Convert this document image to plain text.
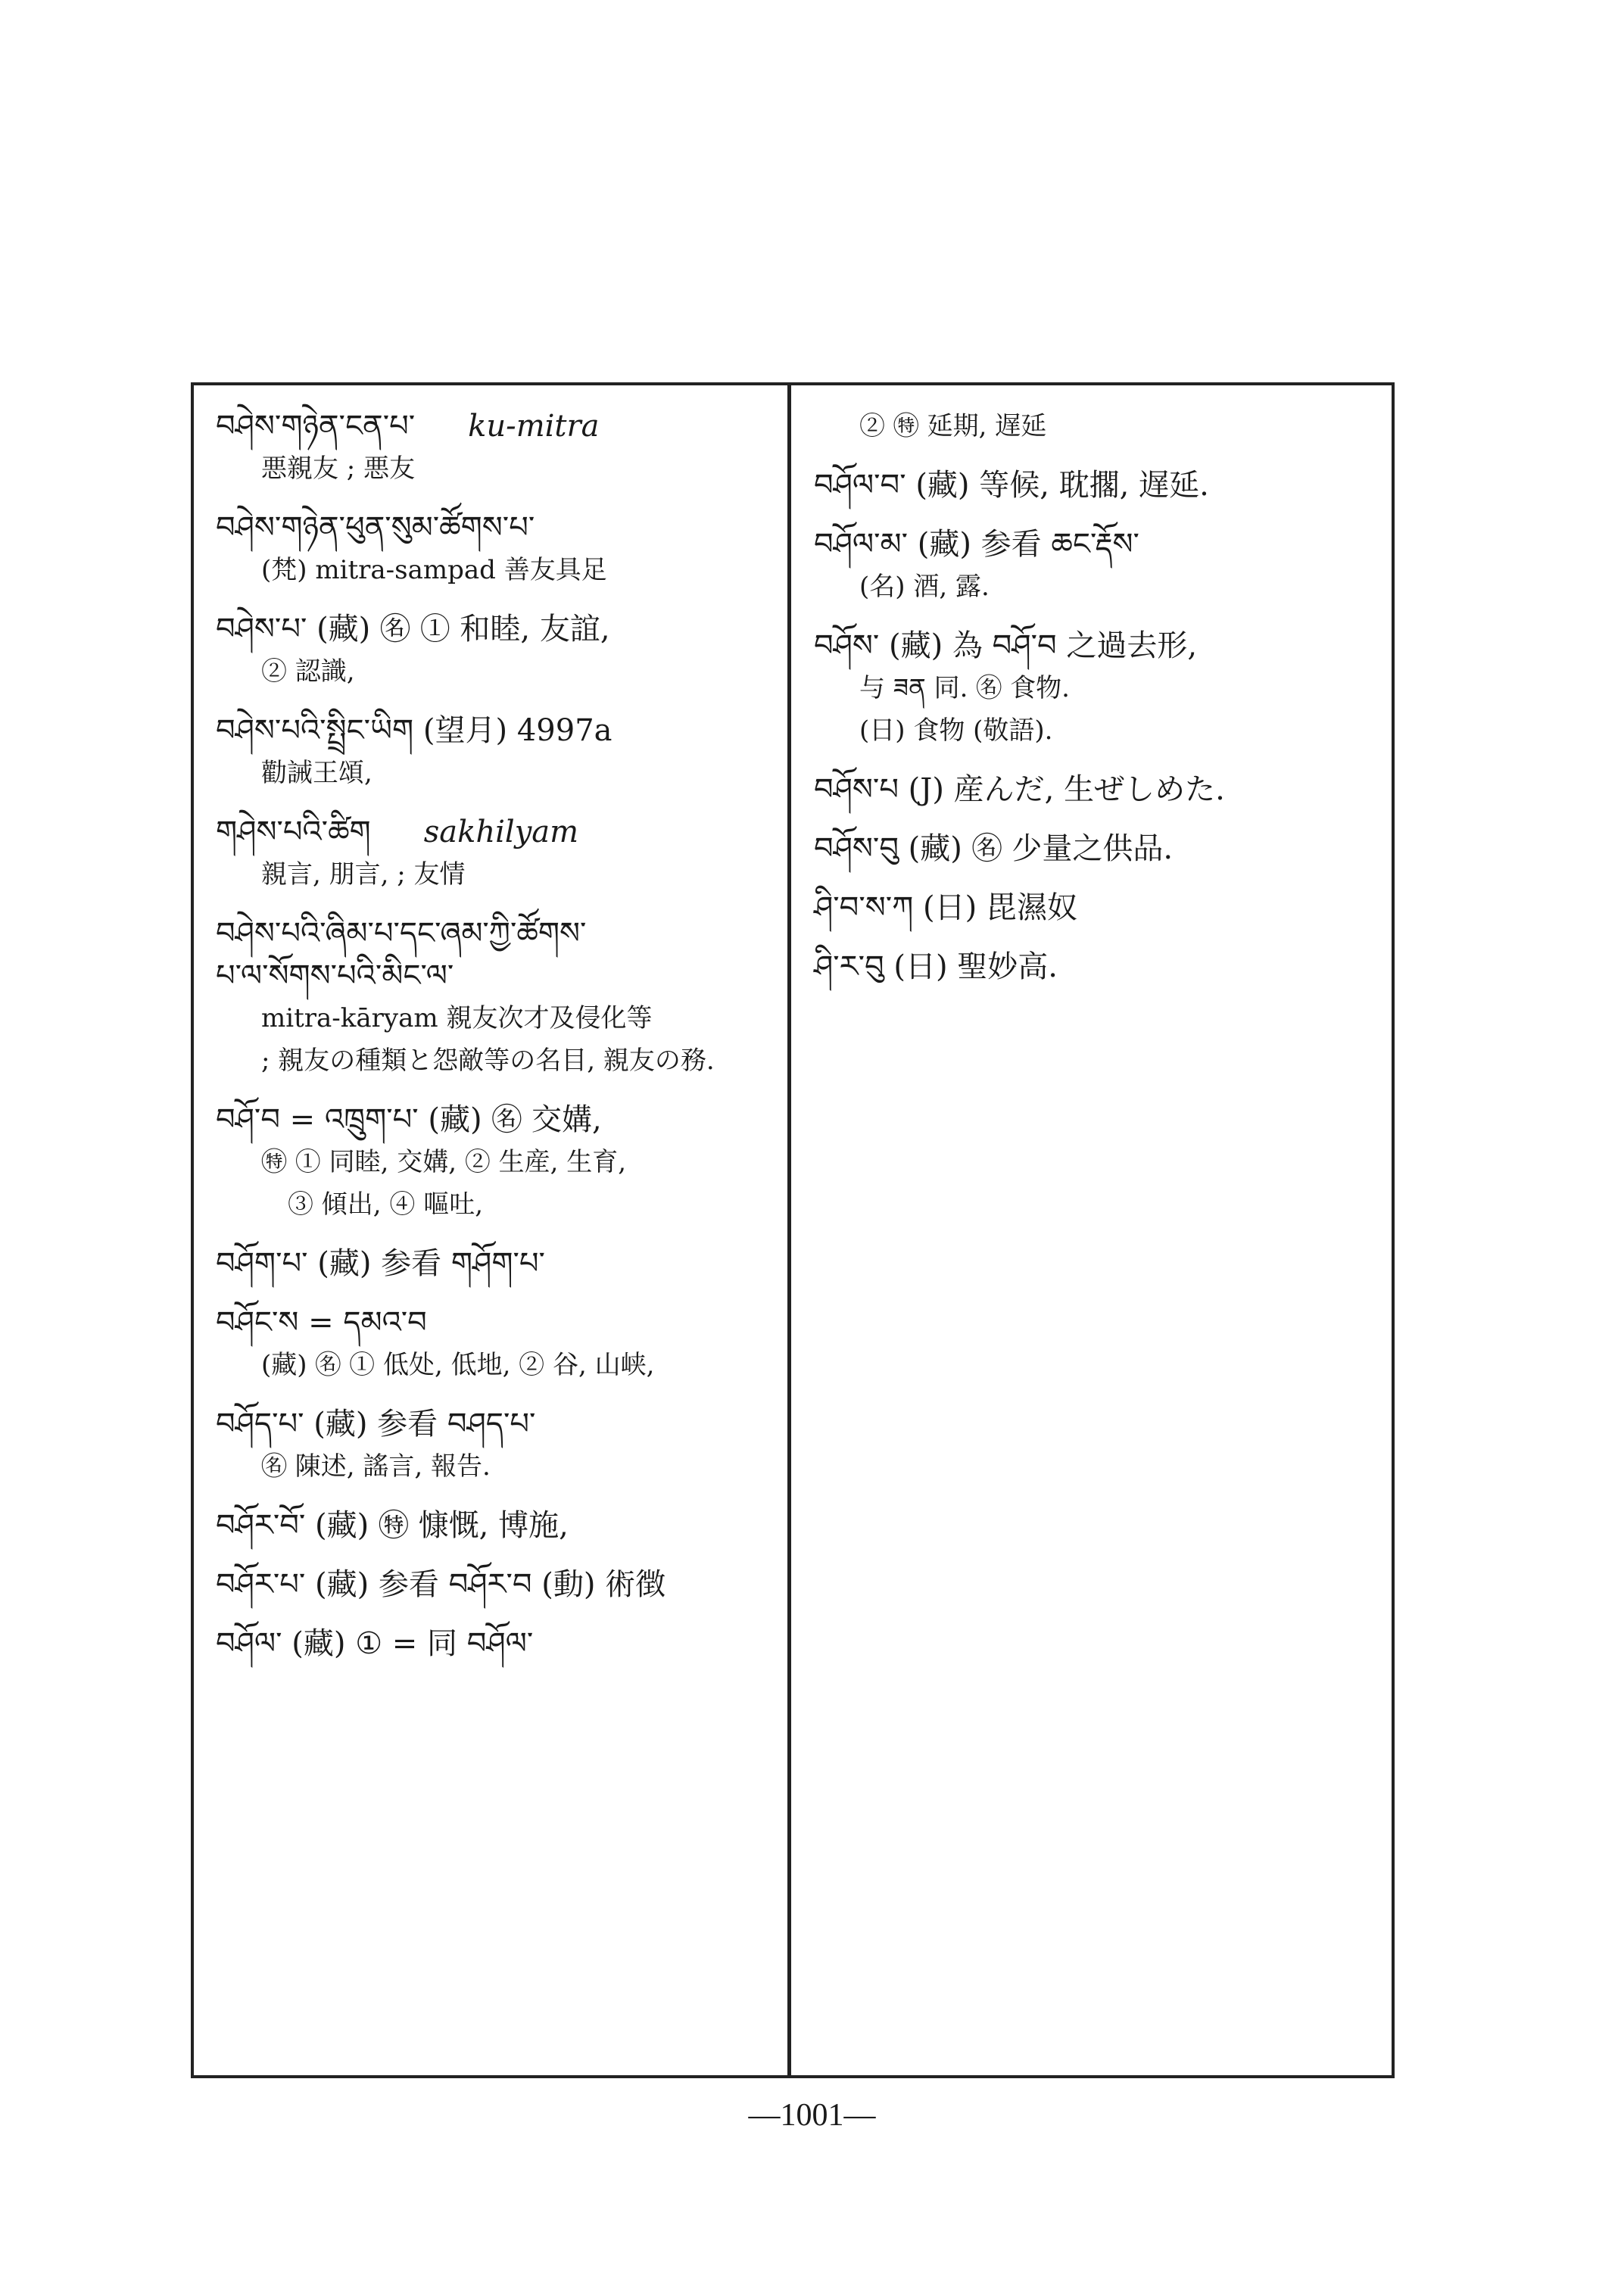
བཤེས་གཉེན་ངན་པ་ ku-mitra
悪親友 ; 悪友
བཤེས་གཉེན་ཕུན་སུམ་ཚོགས་པ་
(梵) mitra-sampad 善友具足
བཤེས་པ་ (藏) ㊔ ① 和睦, 友誼,
② 認識,
བཤེས་པའི་སྤྲིང་ཡིག (望月) 4997a
勸誡王頌,
གཤེས་པའི་ཚིག sakhilyam
親言, 朋言, ; 友情
བཤེས་པའི་ཞིམ་པ་དང་ཞམ་ཀྱི་ཚོགས་
པ་ལ་སོགས་པའི་མིང་ལ་
mitra-kāryam 親友次才及侵化等
; 親友の種類と怨敵等の名目, 親友の務.
བཤོ་བ = འཁྲུག་པ་ (藏) ㊔ 交媾,
㊕ ① 同睦, 交媾, ② 生産, 生育,
③ 傾出, ④ 嘔吐,
བཤོག་པ་ (藏) 参看 གཤོག་པ་
བཤོང་ས = དམའ་བ
(藏) ㊔ ① 低处, 低地, ② 谷, 山峡,
བཤོད་པ་ (藏) 参看 བཤད་པ་
㊔ 陳述, 謠言, 報告.
བཤོར་བོ་ (藏) ㊕ 慷慨, 博施,
བཤོར་པ་ (藏) 参看 བཤོར་བ (動) 術徴
བཤོལ་ (藏) ① = 同 བཤོལ་
② ㊕ 延期, 遅延
བཤོལ་བ་ (藏) 等候, 耽擱, 遅延.
བཤོལ་མ་ (藏) 参看 ཆང་རྡོས་
(名) 酒, 露.
བཤོས་ (藏) 為 བཤོ་བ 之過去形,
与 ཟན 同. ㊔ 食物.
(日) 食物 (敬語).
བཤོས་པ (J) 産んだ, 生ぜしめた.
བཤོས་བུ (藏) ㊔ 少量之供品.
ཤི་བ་ས་ཀ (日) 毘濕奴
ཤི་ར་བུ (日) 聖妙高.
—1001—
